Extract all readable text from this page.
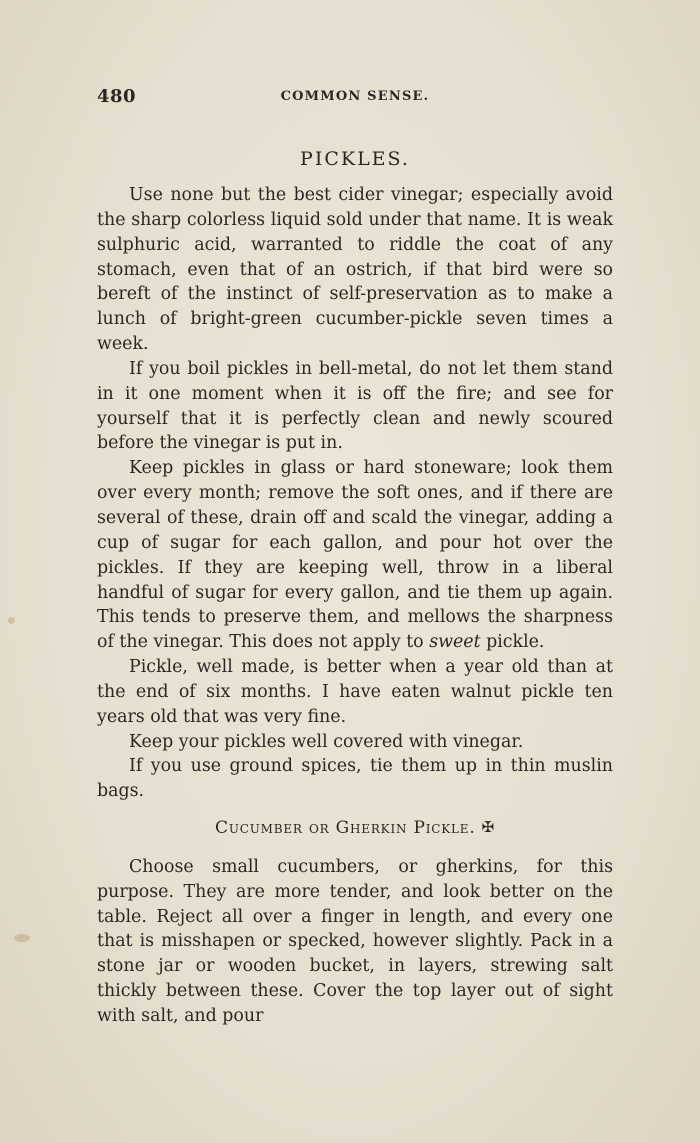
480	COMMON SENSE.
PICKLES.

Use none but the best cider vinegar; especially avoid the sharp colorless liquid sold under that name. It is weak sulphuric acid, warranted to riddle the coat of any stomach, even that of an ostrich, if that bird were so bereft of the instinct of self-preservation as to make a lunch of bright-green cucumber-pickle seven times a week.

If you boil pickles in bell-metal, do not let them stand in it one moment when it is off the fire; and see for yourself that it is perfectly clean and newly scoured before the vinegar is put in.

Keep pickles in glass or hard stoneware; look them over every month; remove the soft ones, and if there are several of these, drain off and scald the vinegar, adding a cup of sugar for each gallon, and pour hot over the pickles. If they are keeping well, throw in a liberal handful of sugar for every gallon, and tie them up again. This tends to preserve them, and mellows the sharpness of the vinegar. This does not apply to sweet pickle.

Pickle, well made, is better when a year old than at the end of six months. I have eaten walnut pickle ten years old that was very fine.

Keep your pickles well covered with vinegar.

If you use ground spices, tie them up in thin muslin bags.

Cucumber or Gherkin Pickle. ✠

Choose small cucumbers, or gherkins, for this purpose. They are more tender, and look better on the table. Reject all over a finger in length, and every one that is misshapen or specked, however slightly. Pack in a stone jar or wooden bucket, in layers, strewing salt thickly between these. Cover the top layer out of sight with salt, and pour
